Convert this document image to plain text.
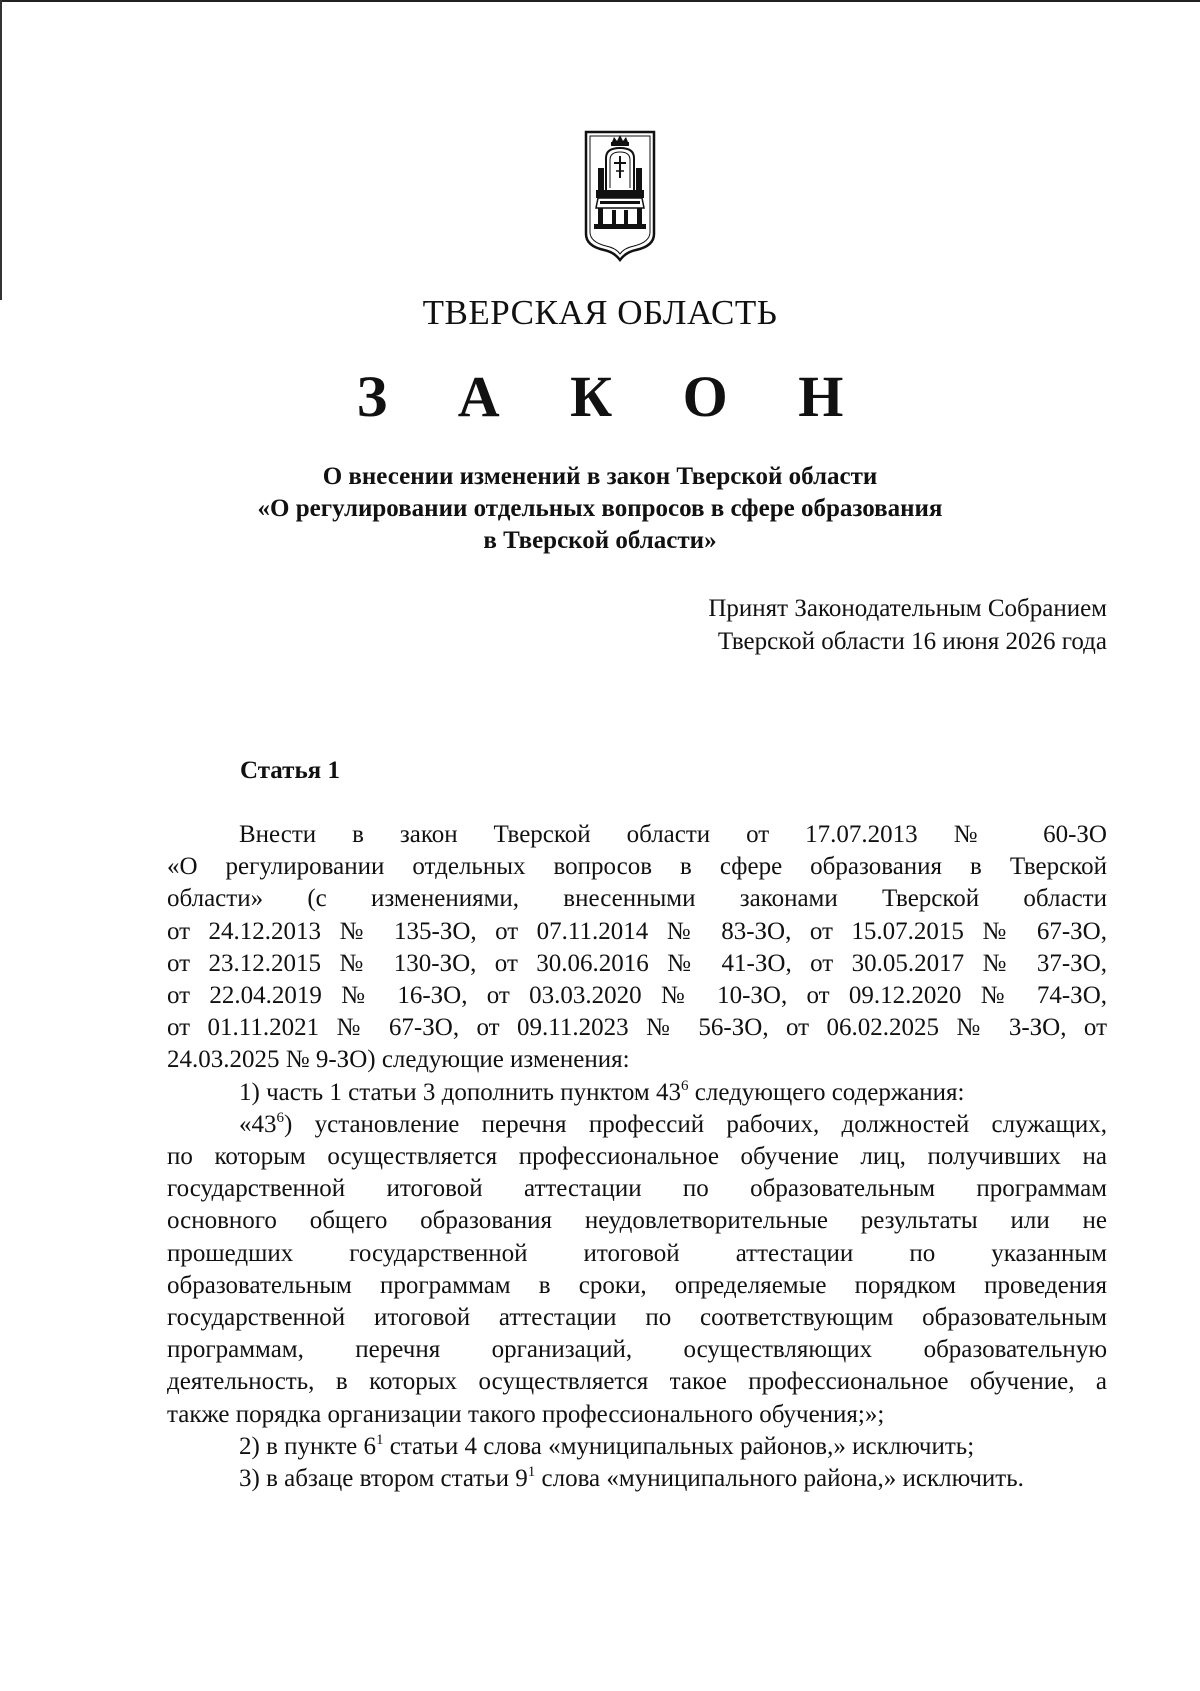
ТВЕРСКАЯ ОБЛАСТЬ
З А К О Н
О внесении изменений в закон Тверской области
«О регулировании отдельных вопросов в сфере образования
в Тверской области»
Принят Законодательным Собранием
Тверской области 16 июня 2026 года
Статья 1
Внести в закон Тверской области от 17.07.2013 № 60-ЗО
«О регулировании отдельных вопросов в сфере образования в Тверской
области» (с изменениями, внесенными законами Тверской области
от 24.12.2013 № 135-ЗО, от 07.11.2014 № 83-ЗО, от 15.07.2015 № 67-ЗО,
от 23.12.2015 № 130-ЗО, от 30.06.2016 № 41-ЗО, от 30.05.2017 № 37-ЗО,
от 22.04.2019 № 16-ЗО, от 03.03.2020 № 10-ЗО, от 09.12.2020 № 74-ЗО,
от 01.11.2021 № 67-ЗО, от 09.11.2023 № 56-ЗО, от 06.02.2025 № 3-ЗО, от
24.03.2025 № 9-ЗО) следующие изменения:
1) часть 1 статьи 3 дополнить пунктом $43^6$ следующего содержания:
«$43^6$) установление перечня профессий рабочих, должностей служащих,
по которым осуществляется профессиональное обучение лиц, получивших на
государственной итоговой аттестации по образовательным программам
основного общего образования неудовлетворительные результаты или не
прошедших государственной итоговой аттестации по указанным
образовательным программам в сроки, определяемые порядком проведения
государственной итоговой аттестации по соответствующим образовательным
программам, перечня организаций, осуществляющих образовательную
деятельность, в которых осуществляется такое профессиональное обучение, а
также порядка организации такого профессионального обучения;»;
2) в пункте $6^1$ статьи 4 слова «муниципальных районов,» исключить;
3) в абзаце втором статьи $9^1$ слова «муниципального района,» исключить.
